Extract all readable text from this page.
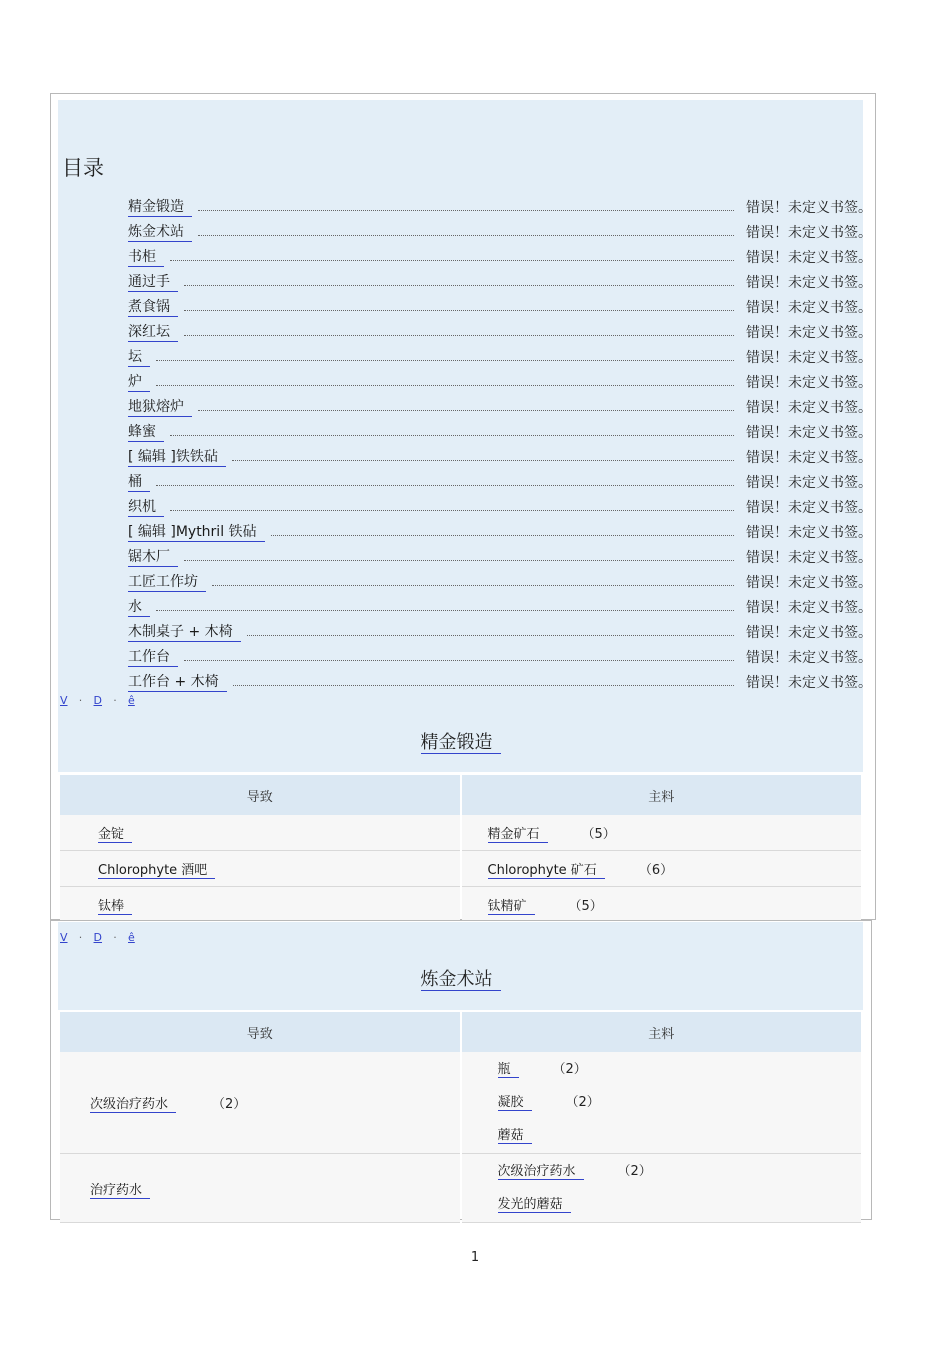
目录
精金锻造	错误！未定义书签。
炼金术站	错误！未定义书签。
书柜	错误！未定义书签。
通过手	错误！未定义书签。
煮食锅	错误！未定义书签。
深红坛	错误！未定义书签。
坛	错误！未定义书签。
炉	错误！未定义书签。
地狱熔炉	错误！未定义书签。
蜂蜜	错误！未定义书签。
[ 编辑 ]铁铁砧	错误！未定义书签。
桶	错误！未定义书签。
织机	错误！未定义书签。
[ 编辑 ]Mythril 铁砧	错误！未定义书签。
锯木厂	错误！未定义书签。
工匠工作坊	错误！未定义书签。
水	错误！未定义书签。
木制桌子 + 木椅	错误！未定义书签。
工作台	错误！未定义书签。
工作台 + 木椅	错误！未定义书签。
V · D · ê
精金锻造
导致	主料
金锭	精金矿石 （5）
Chlorophyte 酒吧	Chlorophyte 矿石 （6）
钛棒	钛精矿 （5）
V · D · ê
炼金术站
导致	主料
次级治疗药水 （2）	瓶 （2）
凝胶 （2）
蘑菇

治疗药水	次级治疗药水 （2）
发光的蘑菇
1
